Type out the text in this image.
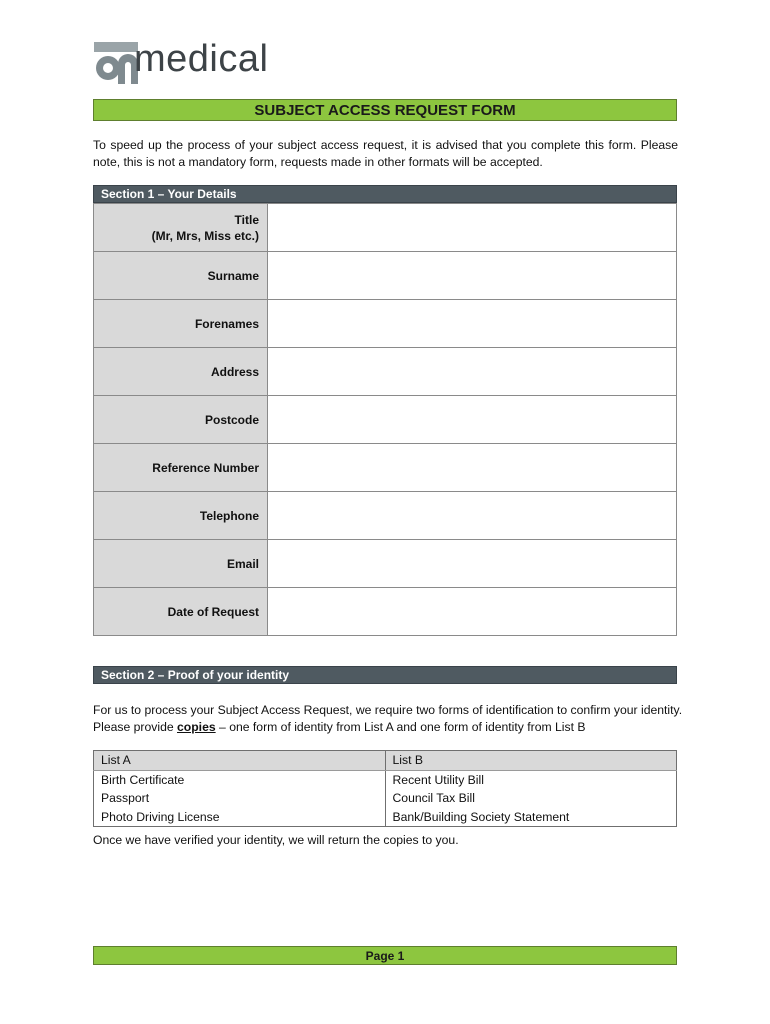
medical
SUBJECT ACCESS REQUEST FORM
To speed up the process of your subject access request, it is advised that you complete this form. Please note, this is not a mandatory form, requests made in other formats will be accepted.
Section 1 – Your Details
Title
(Mr, Mrs, Miss etc.)	

Surname	
Forenames	
Address	
Postcode	
Reference Number	
Telephone	
Email	
Date of Request	
Section 2 – Proof of your identity
For us to process your Subject Access Request, we require two forms of identification to confirm your identity. Please provide copies – one form of identity from List A and one form of identity from List B
List A	List B
Birth Certificate	Recent Utility Bill
Passport	Council Tax Bill
Photo Driving License	Bank/Building Society Statement
Once we have verified your identity, we will return the copies to you.
Page 1
